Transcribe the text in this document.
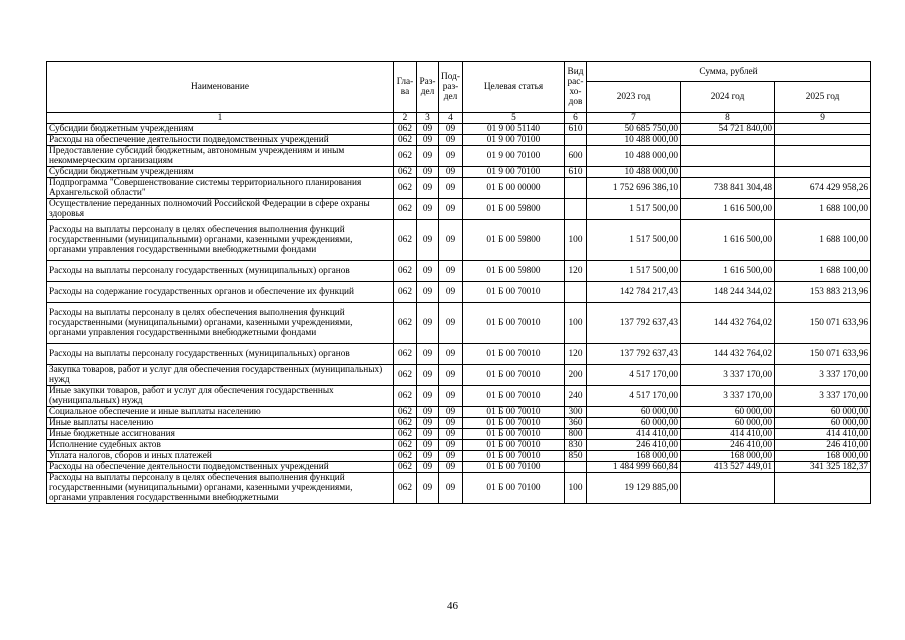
Наименование	Гла-ва	Раз-дел	Под-раз-дел	Целевая статья	Вид рас-хо-дов	Сумма, рублей		
						2023 год	2024 год	2025 год
1	2	3	4	5	6	7	8	9
Субсидии бюджетным учреждениям	062	09	09	01 9 00 51140	610	50 685 750,00	54 721 840,00	
Расходы на обеспечение деятельности подведомственных учреждений	062	09	09	01 9 00 70100		10 488 000,00		
Предоставление субсидий бюджетным, автономным учреждениям и иным некоммерческим организациям	062	09	09	01 9 00 70100	600	10 488 000,00		
Субсидии бюджетным учреждениям	062	09	09	01 9 00 70100	610	10 488 000,00		
Подпрограмма "Совершенствование системы территориального планирования Архангельской области"	062	09	09	01 Б 00 00000		1 752 696 386,10	738 841 304,48	674 429 958,26
Осуществление переданных полномочий Российской Федерации в сфере охраны здоровья	062	09	09	01 Б 00 59800		1 517 500,00	1 616 500,00	1 688 100,00
Расходы на выплаты персоналу в целях обеспечения выполнения функций государственными (муниципальными) органами, казенными учреждениями, органами управления государственными внебюджетными фондами	062	09	09	01 Б 00 59800	100	1 517 500,00	1 616 500,00	1 688 100,00
Расходы на выплаты персоналу государственных (муниципальных) органов	062	09	09	01 Б 00 59800	120	1 517 500,00	1 616 500,00	1 688 100,00
Расходы на содержание государственных органов и обеспечение их функций	062	09	09	01 Б 00 70010		142 784 217,43	148 244 344,02	153 883 213,96
Расходы на выплаты персоналу в целях обеспечения выполнения функций государственными (муниципальными) органами, казенными учреждениями, органами управления государственными внебюджетными фондами	062	09	09	01 Б 00 70010	100	137 792 637,43	144 432 764,02	150 071 633,96
Расходы на выплаты персоналу государственных (муниципальных) органов	062	09	09	01 Б 00 70010	120	137 792 637,43	144 432 764,02	150 071 633,96
Закупка товаров, работ и услуг для обеспечения государственных (муниципальных) нужд	062	09	09	01 Б 00 70010	200	4 517 170,00	3 337 170,00	3 337 170,00
Иные закупки товаров, работ и услуг для обеспечения государственных (муниципальных) нужд	062	09	09	01 Б 00 70010	240	4 517 170,00	3 337 170,00	3 337 170,00
Социальное обеспечение и иные выплаты населению	062	09	09	01 Б 00 70010	300	60 000,00	60 000,00	60 000,00
Иные выплаты населению	062	09	09	01 Б 00 70010	360	60 000,00	60 000,00	60 000,00
Иные бюджетные ассигнования	062	09	09	01 Б 00 70010	800	414 410,00	414 410,00	414 410,00
Исполнение судебных актов	062	09	09	01 Б 00 70010	830	246 410,00	246 410,00	246 410,00
Уплата налогов, сборов и иных платежей	062	09	09	01 Б 00 70010	850	168 000,00	168 000,00	168 000,00
Расходы на обеспечение деятельности подведомственных учреждений	062	09	09	01 Б 00 70100		1 484 999 660,84	413 527 449,01	341 325 182,37
Расходы на выплаты персоналу в целях обеспечения выполнения функций государственными (муниципальными) органами, казенными учреждениями, органами управления государственными внебюджетными	062	09	09	01 Б 00 70100	100	19 129 885,00		
46
